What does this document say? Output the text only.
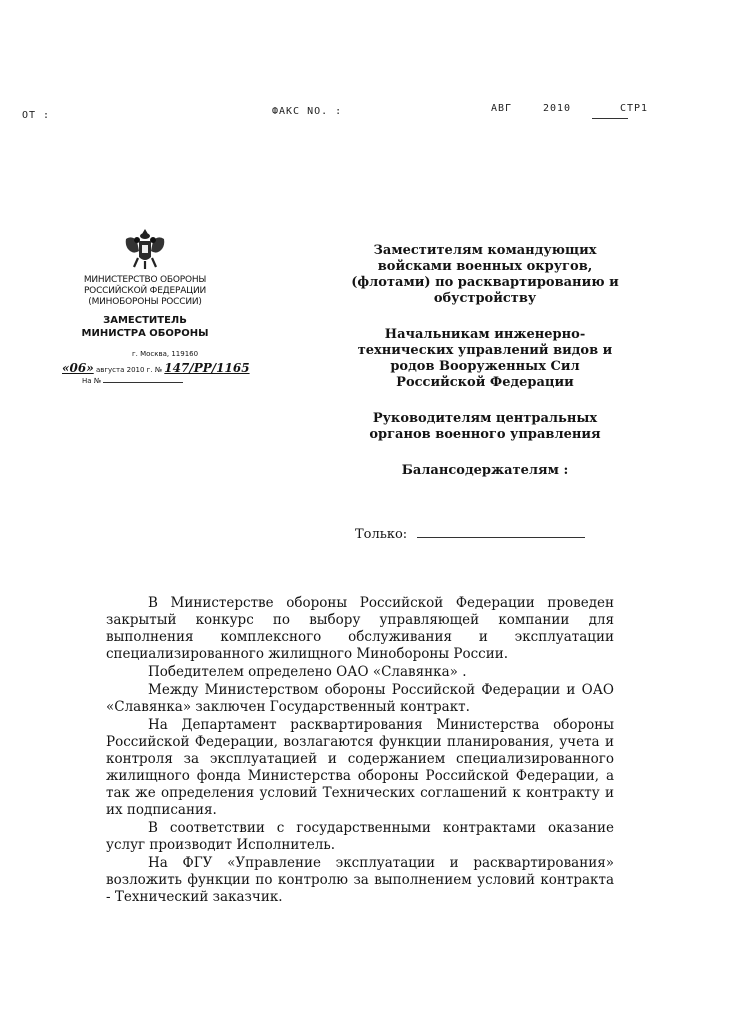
ОТ :	ФАКС NO. :	АВГ	2010	СТР1
МИНИСТЕРСТВО ОБОРОНЫ
РОССИЙСКОЙ ФЕДЕРАЦИИ
(МИНОБОРОНЫ РОССИИ)
ЗАМЕСТИТЕЛЬ
МИНИСТРА ОБОРОНЫ
г. Москва, 119160
«06» августа 2010 г. № 147/РР/1165
На №
Заместителям командующих
войсками военных округов,
(флотами) по расквартированию и
обустройству
Начальникам инженерно-
технических управлений видов и
родов Вооруженных Сил
Российской Федерации
Руководителям центральных
органов военного управления
Балансодержателям :
Только:

В Министерстве обороны Российской Федерации проведен закрытый конкурс по выбору управляющей компании для выполнения комплексного обслуживания и эксплуатации специализированного жилищного Минобороны России.

Победителем определено ОАО «Славянка» .

Между Министерством обороны Российской Федерации и ОАО «Славянка» заключен Государственный контракт.

На Департамент расквартирования Министерства обороны Российской Федерации, возлагаются функции планирования, учета и контроля за эксплуатацией и содержанием специализированного жилищного фонда Министерства обороны Российской Федерации, а так же определения условий Технических соглашений к контракту и их подписания.

В соответствии с государственными контрактами оказание услуг производит Исполнитель.

На ФГУ «Управление эксплуатации и расквартирования» возложить функции по контролю за выполнением условий контракта - Технический заказчик.
